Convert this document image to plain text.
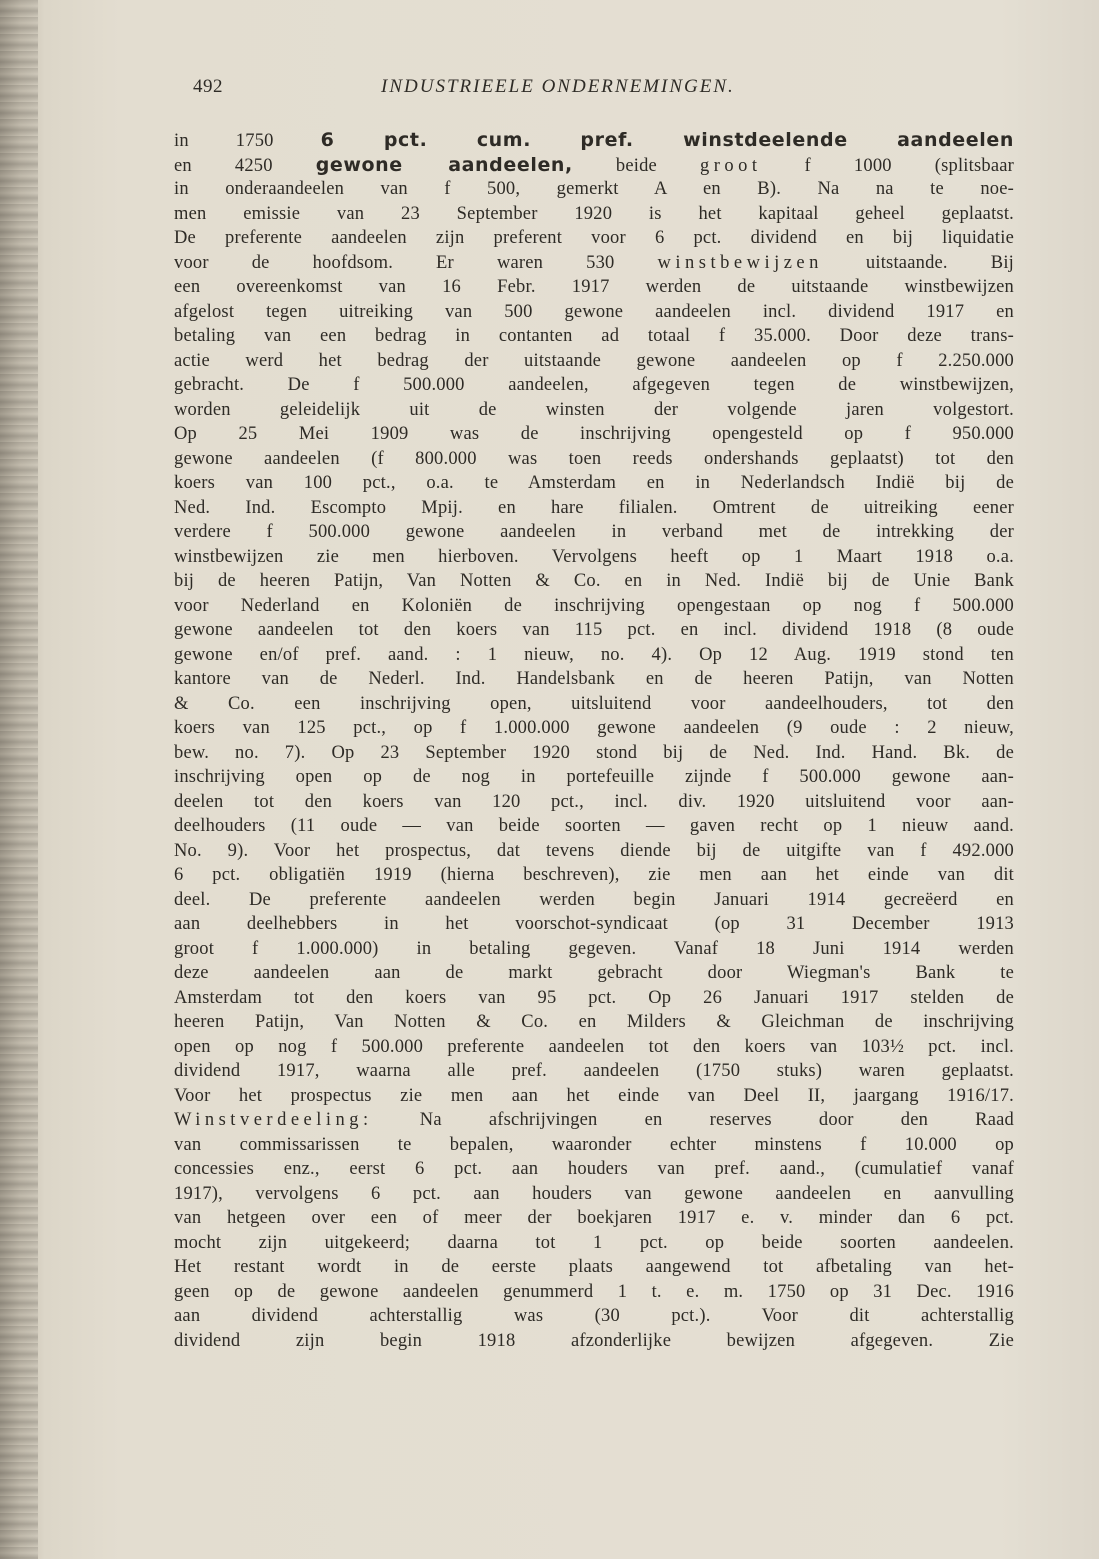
492	INDUSTRIEELE ONDERNEMINGEN.
in 1750 6 pct. cum. pref. winstdeelende aandeelen
en 4250 gewone aandeelen, beide groot f 1000 (splitsbaar
in onderaandeelen van f 500, gemerkt A en B). Na na te noe-
men emissie van 23 September 1920 is het kapitaal geheel geplaatst.
De preferente aandeelen zijn preferent voor 6 pct. dividend en bij liquidatie
voor de hoofdsom. Er waren 530 winstbewijzen uitstaande. Bij
een overeenkomst van 16 Febr. 1917 werden de uitstaande winstbewijzen
afgelost tegen uitreiking van 500 gewone aandeelen incl. dividend 1917 en
betaling van een bedrag in contanten ad totaal f 35.000. Door deze trans-
actie werd het bedrag der uitstaande gewone aandeelen op f 2.250.000
gebracht. De f 500.000 aandeelen, afgegeven tegen de winstbewijzen,
worden geleidelijk uit de winsten der volgende jaren volgestort.
Op 25 Mei 1909 was de inschrijving opengesteld op f 950.000
gewone aandeelen (f 800.000 was toen reeds ondershands geplaatst) tot den
koers van 100 pct., o.a. te Amsterdam en in Nederlandsch Indië bij de
Ned. Ind. Escompto Mpij. en hare filialen. Omtrent de uitreiking eener
verdere f 500.000 gewone aandeelen in verband met de intrekking der
winstbewijzen zie men hierboven. Vervolgens heeft op 1 Maart 1918 o.a.
bij de heeren Patijn, Van Notten & Co. en in Ned. Indië bij de Unie Bank
voor Nederland en Koloniën de inschrijving opengestaan op nog f 500.000
gewone aandeelen tot den koers van 115 pct. en incl. dividend 1918 (8 oude
gewone en/of pref. aand. : 1 nieuw, no. 4). Op 12 Aug. 1919 stond ten
kantore van de Nederl. Ind. Handelsbank en de heeren Patijn, van Notten
& Co. een inschrijving open, uitsluitend voor aandeelhouders, tot den
koers van 125 pct., op f 1.000.000 gewone aandeelen (9 oude : 2 nieuw,
bew. no. 7). Op 23 September 1920 stond bij de Ned. Ind. Hand. Bk. de
inschrijving open op de nog in portefeuille zijnde f 500.000 gewone aan-
deelen tot den koers van 120 pct., incl. div. 1920 uitsluitend voor aan-
deelhouders (11 oude — van beide soorten — gaven recht op 1 nieuw aand.
No. 9). Voor het prospectus, dat tevens diende bij de uitgifte van f 492.000
6 pct. obligatiën 1919 (hierna beschreven), zie men aan het einde van dit
deel. De preferente aandeelen werden begin Januari 1914 gecreëerd en
aan deelhebbers in het voorschot-syndicaat (op 31 December 1913
groot f 1.000.000) in betaling gegeven. Vanaf 18 Juni 1914 werden
deze aandeelen aan de markt gebracht door Wiegman's Bank te
Amsterdam tot den koers van 95 pct. Op 26 Januari 1917 stelden de
heeren Patijn, Van Notten & Co. en Milders & Gleichman de inschrijving
open op nog f 500.000 preferente aandeelen tot den koers van 103½ pct. incl.
dividend 1917, waarna alle pref. aandeelen (1750 stuks) waren geplaatst.
Voor het prospectus zie men aan het einde van Deel II, jaargang 1916/17.
Winstverdeeling: Na afschrijvingen en reserves door den Raad
van commissarissen te bepalen, waaronder echter minstens f 10.000 op
concessies enz., eerst 6 pct. aan houders van pref. aand., (cumulatief vanaf
1917), vervolgens 6 pct. aan houders van gewone aandeelen en aanvulling
van hetgeen over een of meer der boekjaren 1917 e. v. minder dan 6 pct.
mocht zijn uitgekeerd; daarna tot 1 pct. op beide soorten aandeelen.
Het restant wordt in de eerste plaats aangewend tot afbetaling van het-
geen op de gewone aandeelen genummerd 1 t. e. m. 1750 op 31 Dec. 1916
aan dividend achterstallig was (30 pct.). Voor dit achterstallig
dividend zijn begin 1918 afzonderlijke bewijzen afgegeven. Zie
